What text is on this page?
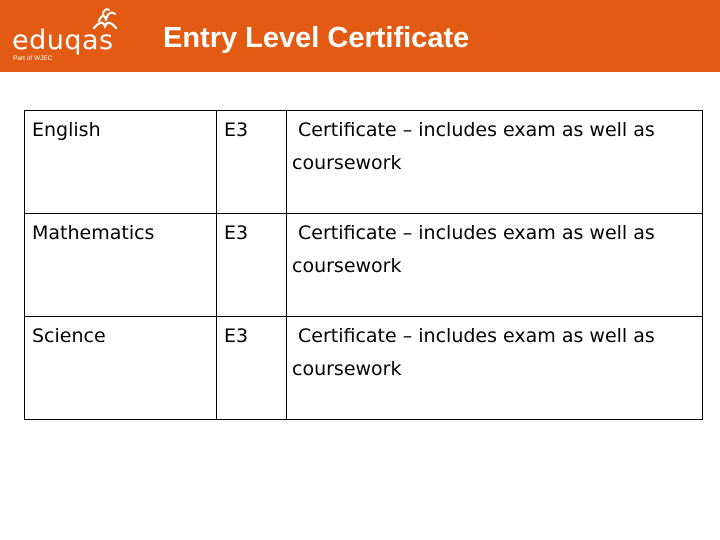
eduqas
Part of WJEC
Entry Level Certificate
English	E3	Certificate – includes exam as well as
coursework

Mathematics	E3	Certificate – includes exam as well as
coursework

Science	E3	Certificate – includes exam as well as
coursework
